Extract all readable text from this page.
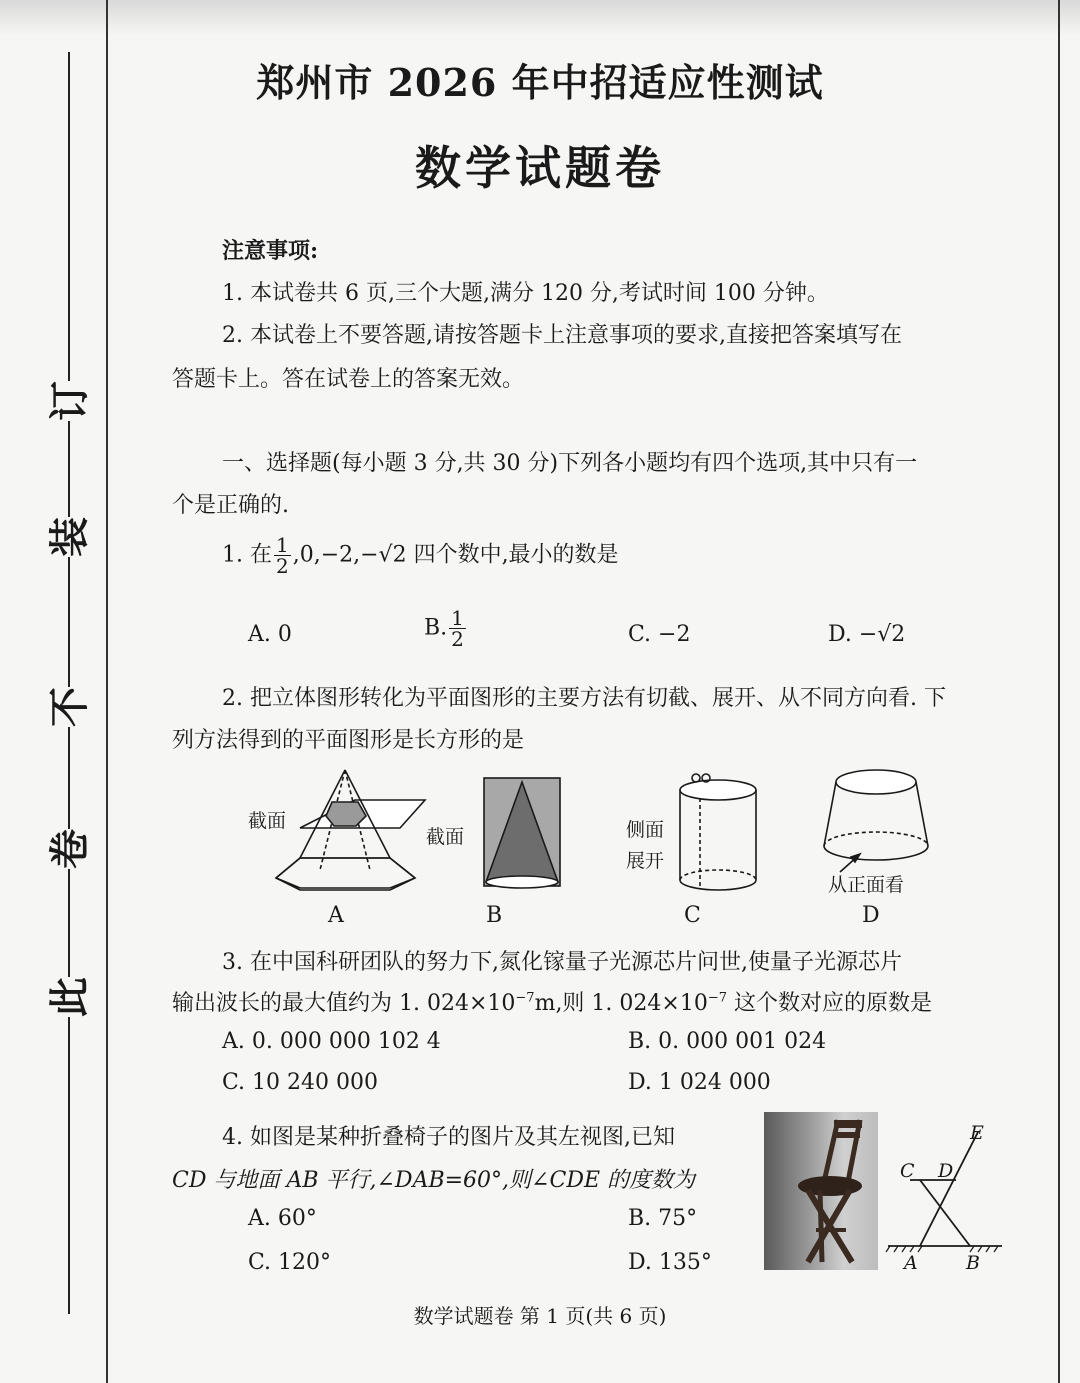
订
装
不
卷
此
郑州市 2026 年中招适应性测试
数学试题卷
注意事项:
1. 本试卷共 6 页,三个大题,满分 120 分,考试时间 100 分钟。
2. 本试卷上不要答题,请按答题卡上注意事项的要求,直接把答案填写在
答题卡上。答在试卷上的答案无效。
一、选择题(每小题 3 分,共 30 分)下列各小题均有四个选项,其中只有一
个是正确的.
1. 在 $\frac{1}{2} ,0,-2,-√2$ 四个数中,最小的数是
A. 0	B. $\frac{1}{2}$	C. −2	D. −√2
2. 把立体图形转化为平面图形的主要方法有切截、展开、从不同方向看. 下
列方法得到的平面图形是长方形的是
截面
截面	侧面
展开
从正面看
A	B	C	D
3. 在中国科研团队的努力下,氮化镓量子光源芯片问世,使量子光源芯片
输出波长的最大值约为 1. $024\times 10^{-7}m$,则 1. $024\times 10^{-7}$ 这个数对应的原数是
A. 0. 000 000 102 4	B. 0. 000 001 024
C. 10 240 000	D. 1 024 000
4. 如图是某种折叠椅子的图片及其左视图,已知
CD 与地面 AB 平行,∠DAB=60°,则∠CDE 的度数为
A. 60°	B. 75°
C. 120°	D. 135°
C D
E
A	B
数学试题卷 第 1 页(共 6 页)
